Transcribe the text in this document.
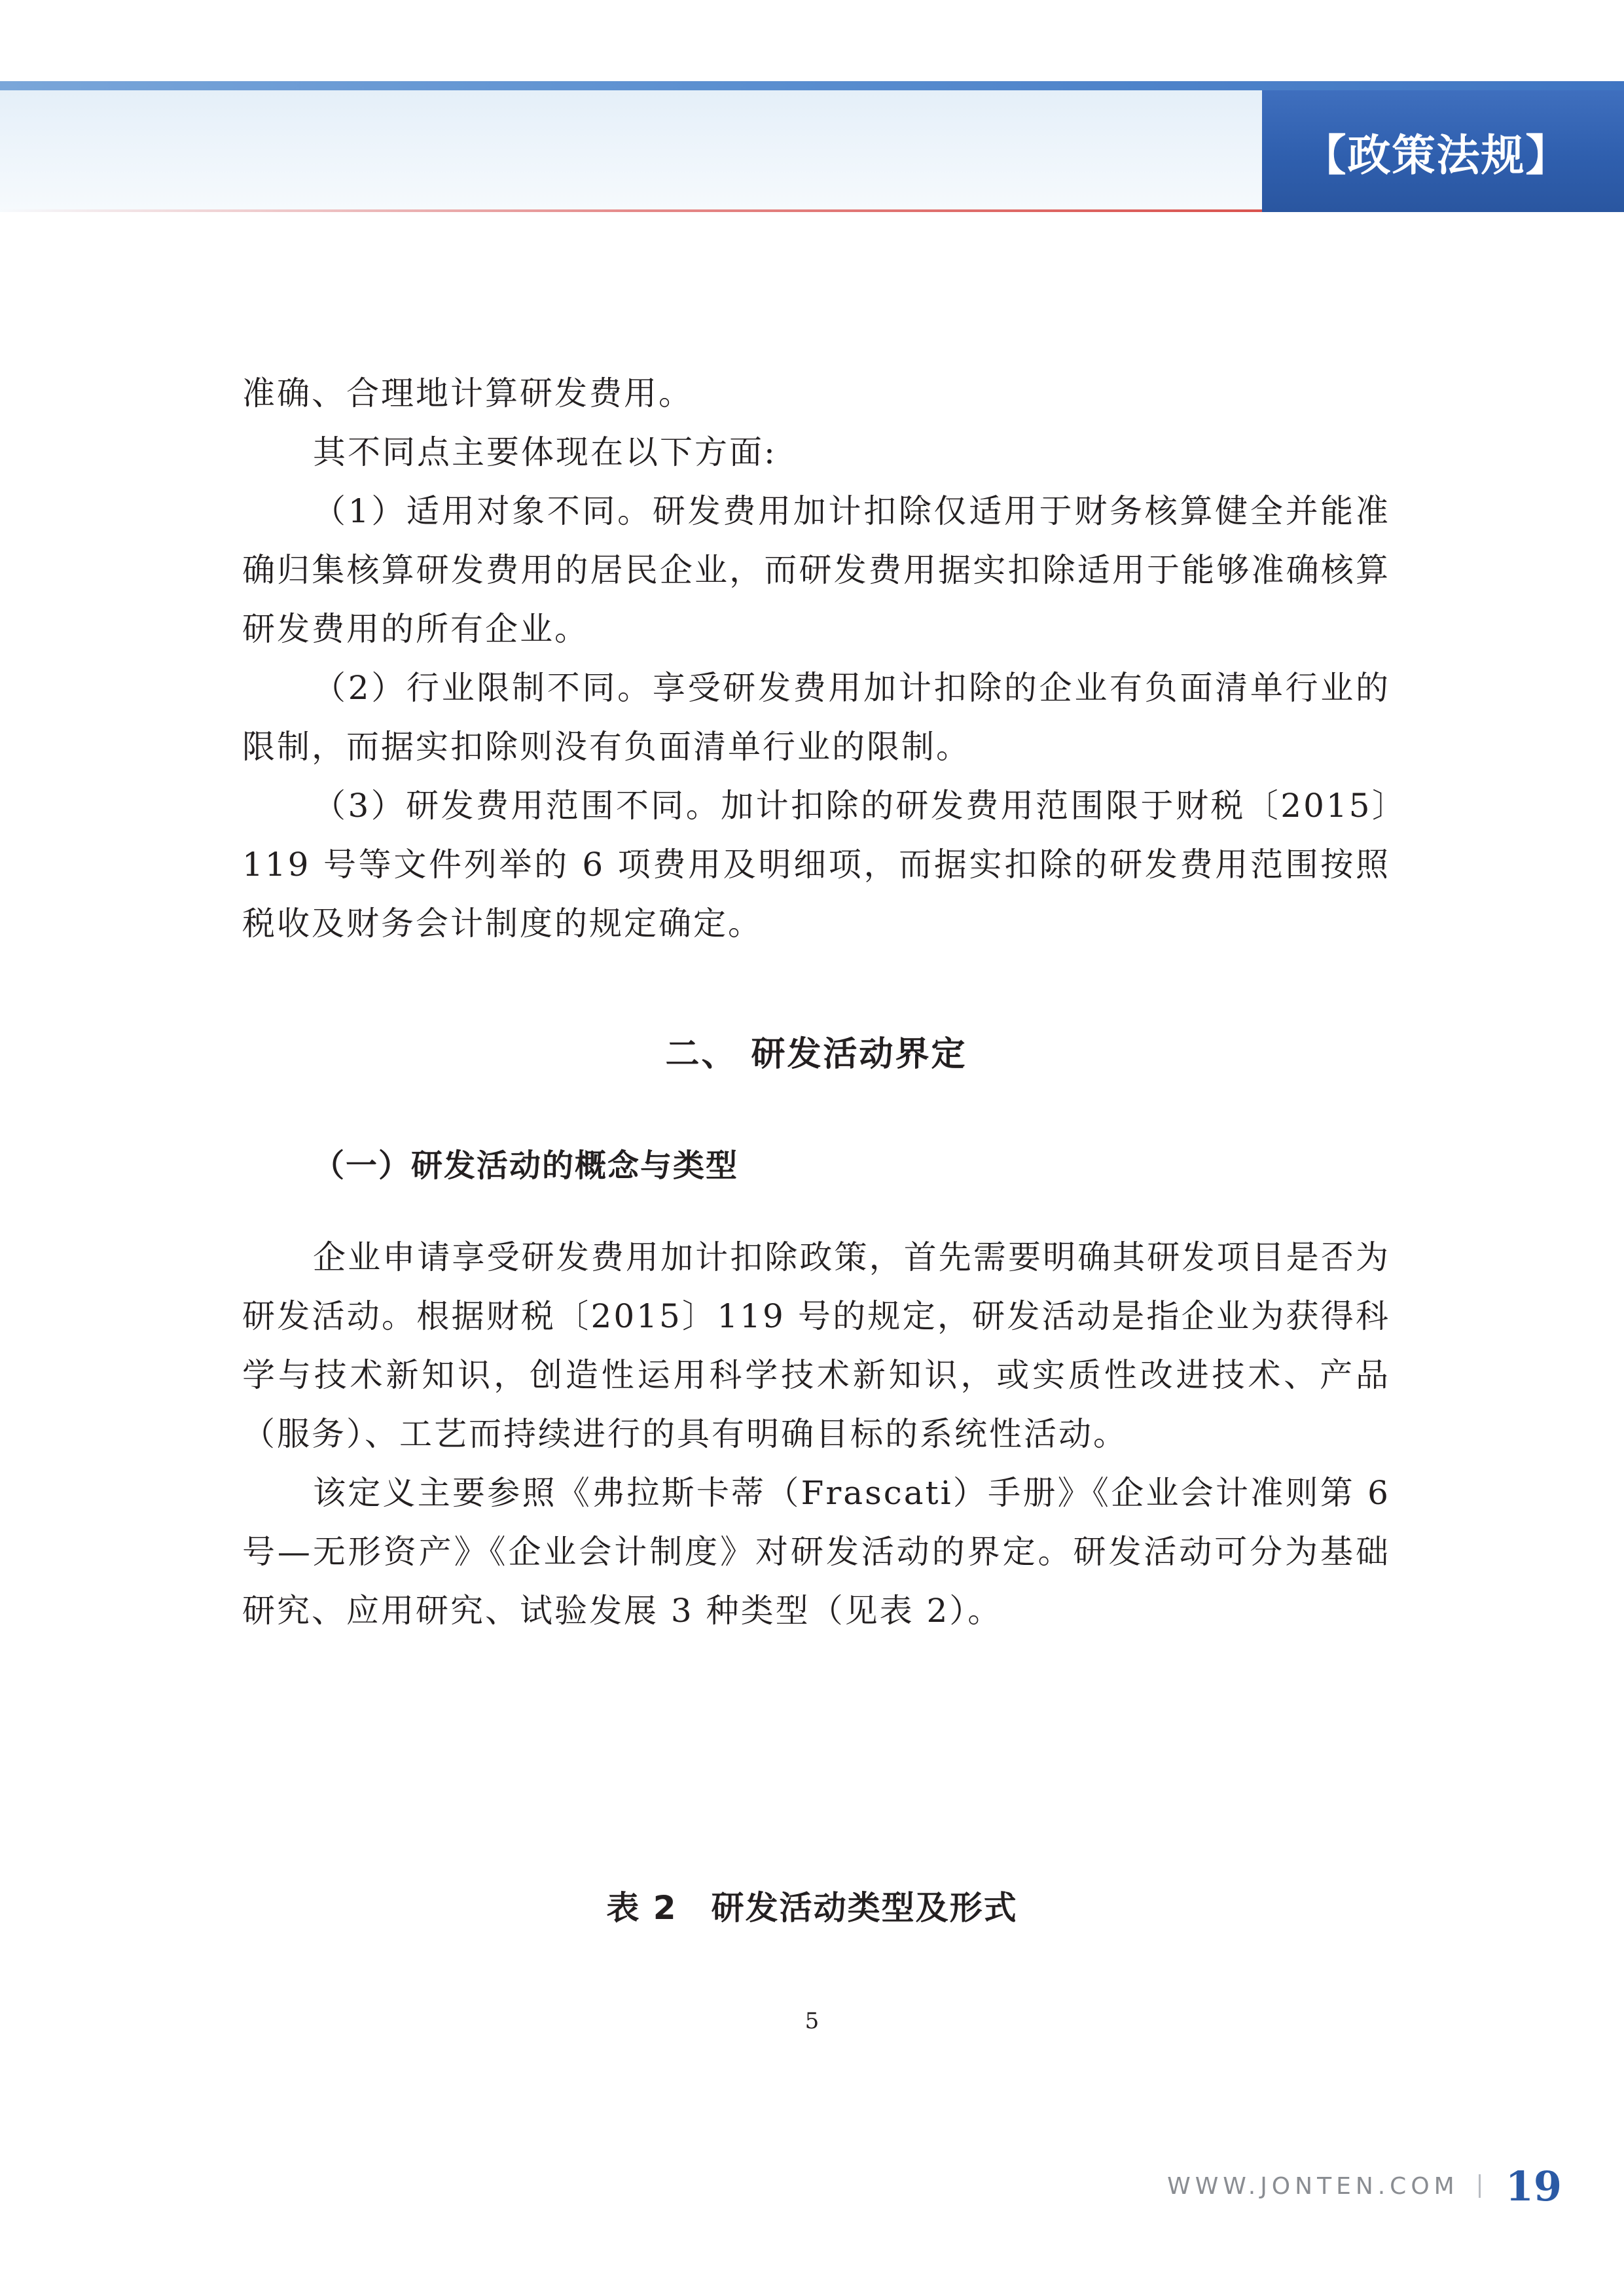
【政策法规】

准确、合理地计算研发费用。

其不同点主要体现在以下方面:

（1）适用对象不同。研发费用加计扣除仅适用于财务核算健全并能准确归集核算研发费用的居民企业，而研发费用据实扣除适用于能够准确核算研发费用的所有企业。

（2）行业限制不同。享受研发费用加计扣除的企业有负面清单行业的限制，而据实扣除则没有负面清单行业的限制。

（3）研发费用范围不同。加计扣除的研发费用范围限于财税〔2015〕119 号等文件列举的 6 项费用及明细项，而据实扣除的研发费用范围按照税收及财务会计制度的规定确定。

二、 研发活动界定
（一）研发活动的概念与类型

企业申请享受研发费用加计扣除政策，首先需要明确其研发项目是否为研发活动。根据财税〔2015〕119 号的规定，研发活动是指企业为获得科学与技术新知识，创造性运用科学技术新知识，或实质性改进技术、产品（服务）、工艺而持续进行的具有明确目标的系统性活动。

该定义主要参照《弗拉斯卡蒂（Frascati）手册》《企业会计准则第 6 号—无形资产》《企业会计制度》对研发活动的界定。研发活动可分为基础研究、应用研究、试验发展 3 种类型（见表 2）。

表 2　研发活动类型及形式
5
WWW.JONTEN.COM 19
